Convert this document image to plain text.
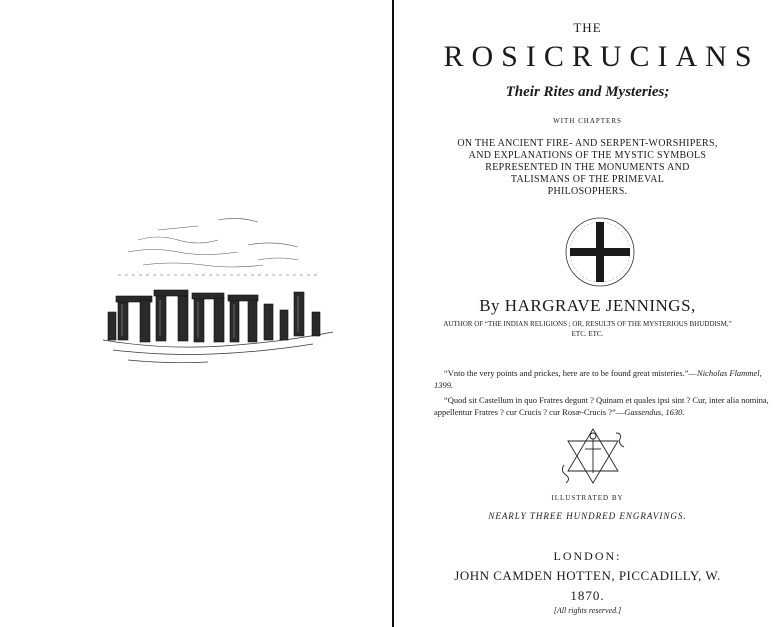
THE
ROSICRUCIANS
Their Rites and Mysteries;
WITH CHAPTERS
ON THE ANCIENT FIRE- AND SERPENT-WORSHIPERS,
AND EXPLANATIONS OF THE MYSTIC SYMBOLS
REPRESENTED IN THE MONUMENTS AND
TALISMANS OF THE PRIMEVAL
PHILOSOPHERS.
By HARGRAVE JENNINGS,
AUTHOR OF “THE INDIAN RELIGIONS ; OR, RESULTS OF THE MYSTERIOUS BHUDDISM,”
ETC. ETC.
“Vnto the very points and prickes, here are to be found great misteries.”—Nicholas Flammel, 1399.
“Quod sit Castellum in quo Fratres degunt ? Quinam et quales ipsi sint ? Cur, inter alia nomina, appellentur Fratres ? cur Crucis ? cur Rosæ-Crucis ?”—Gassendus, 1630.
ILLUSTRATED BY
NEARLY THREE HUNDRED ENGRAVINGS.
LONDON:
JOHN CAMDEN HOTTEN, PICCADILLY, W.
1870.
[All rights reserved.]
